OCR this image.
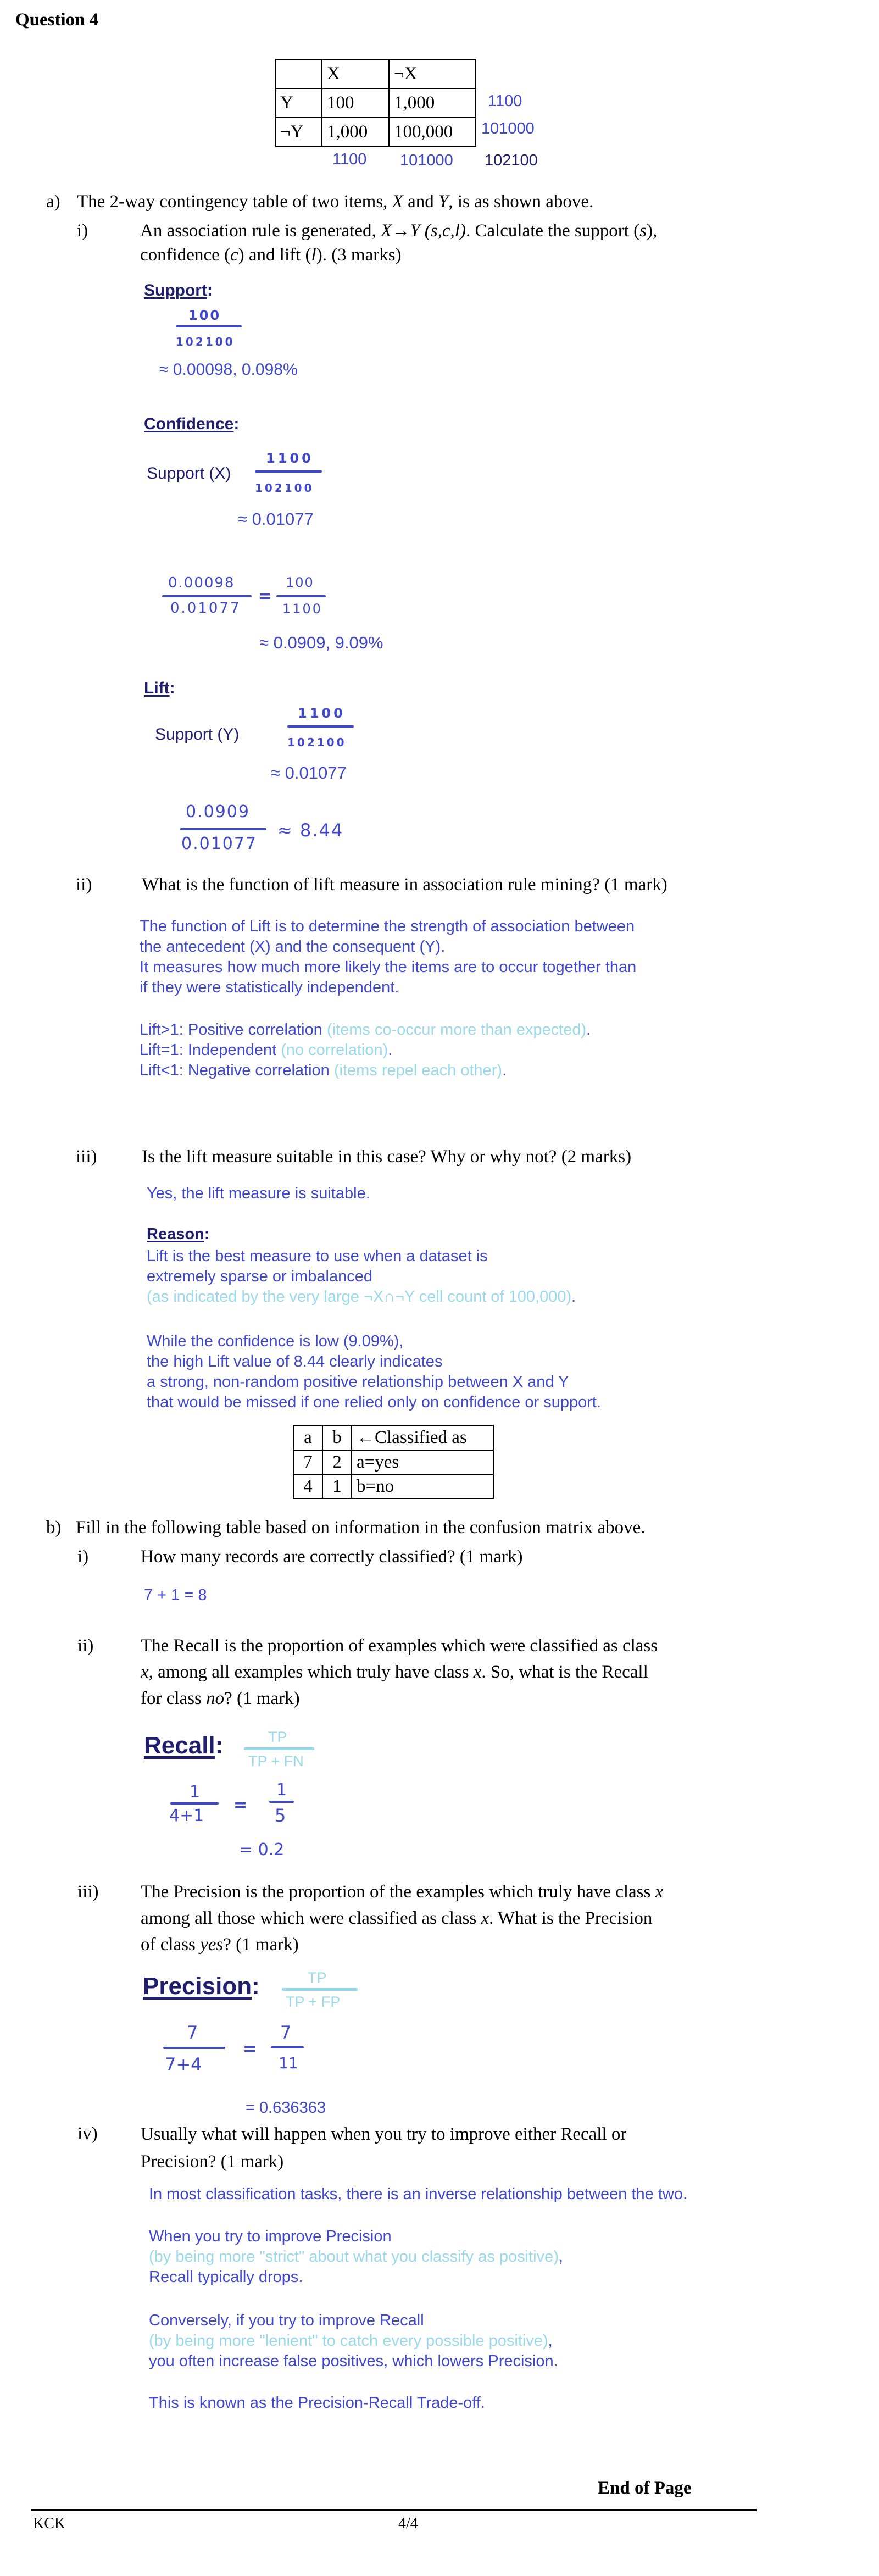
Question 4
	X	¬X
Y	100	1,000
¬Y	1,000	100,000
1100
101000
1100 101000 102100
a) The 2-way contingency table of two items, X and Y, is as shown above.
i)	An association rule is generated, X→Y (s,c,l). Calculate the support (s),
confidence (c) and lift (l). (3 marks)
Support:
100
102100
≈ 0.00098, 0.098%
Confidence:
Support (X)
1100
102100
≈ 0.01077
0.00098
0.01077
=
100
1100
≈ 0.0909, 9.09%
Lift:
Support (Y)
1100
102100
≈ 0.01077
0.0909
0.01077
≈ 8.44
ii)	What is the function of lift measure in association rule mining? (1 mark)
The function of Lift is to determine the strength of association between
the antecedent (X) and the consequent (Y).
It measures how much more likely the items are to occur together than
if they were statistically independent.
Lift>1: Positive correlation (items co-occur more than expected).
Lift=1: Independent (no correlation).
Lift<1: Negative correlation (items repel each other).
iii) Is the lift measure suitable in this case? Why or why not? (2 marks)
Yes, the lift measure is suitable.
Reason:
Lift is the best measure to use when a dataset is
extremely sparse or imbalanced
(as indicated by the very large ¬X∩¬Y cell count of 100,000).
While the confidence is low (9.09%),
the high Lift value of 8.44 clearly indicates
a strong, non-random positive relationship between X and Y
that would be missed if one relied only on confidence or support.
a	b	←Classified as
7	2	a=yes
4	1	b=no
b) Fill in the following table based on information in the confusion matrix above.
i)	How many records are correctly classified? (1 mark)
7 + 1 = 8
ii)	The Recall is the proportion of examples which were classified as class
x, among all examples which truly have class x. So, what is the Recall
for class no? (1 mark)
Recall:	TP
TP + FN
1
4+1
=
1
5
= 0.2
iii) The Precision is the proportion of the examples which truly have class x
among all those which were classified as class x. What is the Precision
of class yes? (1 mark)
Precision:	TP
TP + FP
7
7+4
=
7
11
= 0.636363
iv) Usually what will happen when you try to improve either Recall or
Precision? (1 mark)
In most classification tasks, there is an inverse relationship between the two.
When you try to improve Precision
(by being more "strict" about what you classify as positive),
Recall typically drops.
Conversely, if you try to improve Recall
(by being more "lenient" to catch every possible positive),
you often increase false positives, which lowers Precision.
This is known as the Precision-Recall Trade-off.
End of Page
KCK	4/4
